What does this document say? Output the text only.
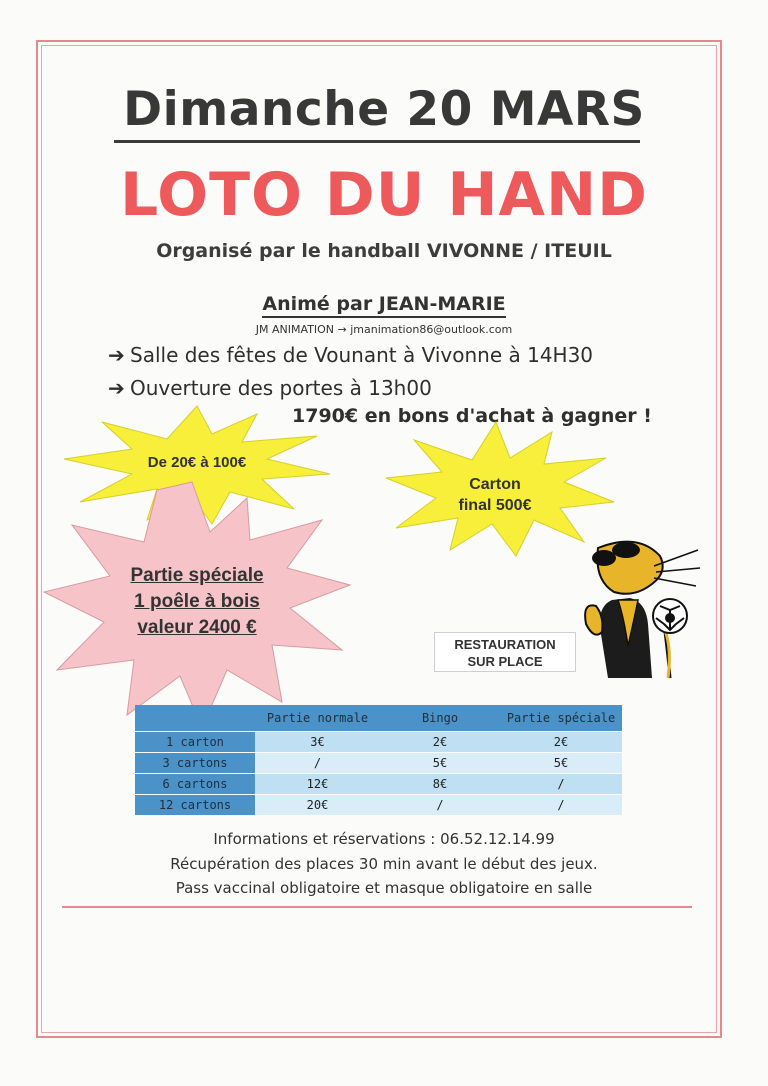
Dimanche 20 MARS
LOTO DU HAND
Organisé par le handball VIVONNE / ITEUIL
Animé par JEAN-MARIE
JM ANIMATION → jmanimation86@outlook.com
➔ Salle des fêtes de Vounant à Vivonne à 14H30
➔ Ouverture des portes à 13h00
1790€ en bons d'achat à gagner !
De 20€ à 100€
Carton
final 500€
Partie spéciale
1 poêle à bois
valeur 2400 €
RESTAURATION
SUR PLACE
	Partie normale	Bingo	Partie spéciale
1 carton	3€	2€	2€
3 cartons	/	5€	5€
6 cartons	12€	8€	/
12 cartons	20€	/	/
Informations et réservations : 06.52.12.14.99
Récupération des places 30 min avant le début des jeux.
Pass vaccinal obligatoire et masque obligatoire en salle
